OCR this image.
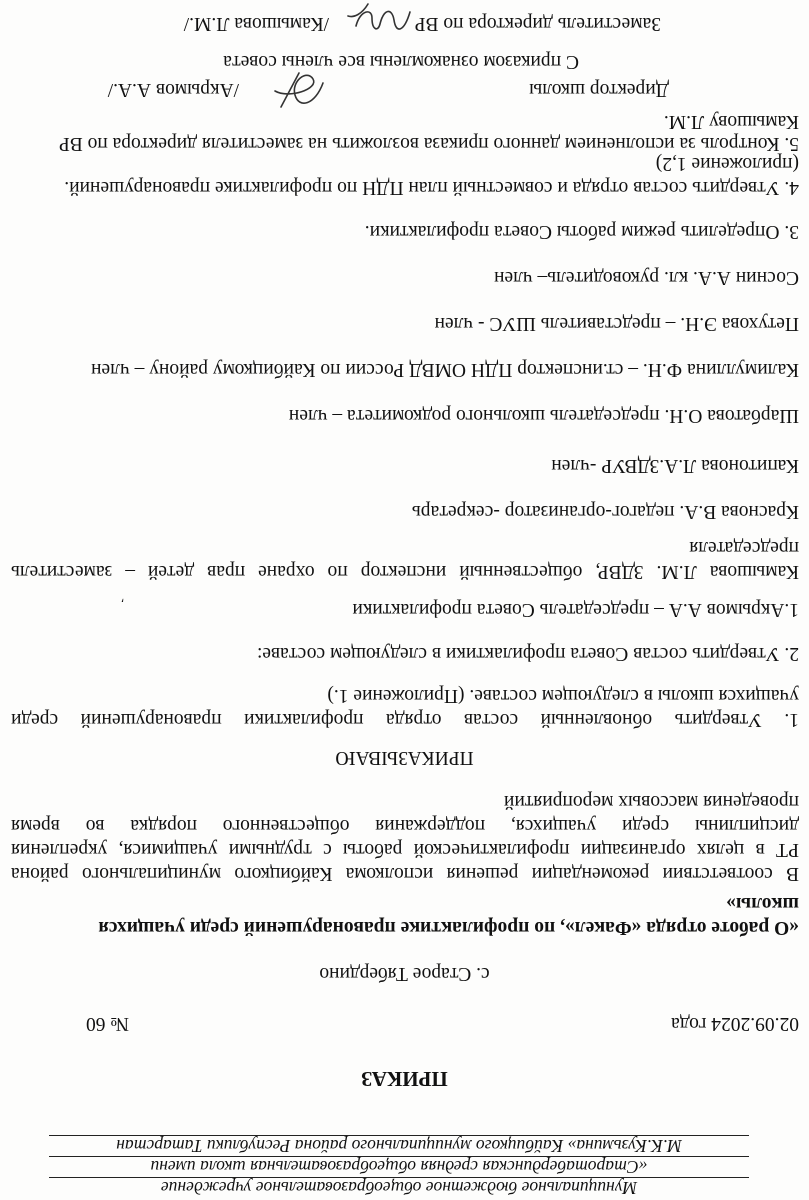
Муниципальное бюджетное общеобразовательное учреждение
«Старотабердинская средняя общеобразовательная школа имени
М.К.Кузьмина» Кайбицкого муниципального района Республики Татарстан
ПРИКАЗ
02.09.2024 года
№ 60
с. Старое Тябердино
«О работе отряда «Факел», по профилактике правонарушений среди учащихся
школы»
В соответствии рекомендации решения исполкома Кайбицкого муниципального района
РТ в целях организации профилактической работы с трудными учащимися, укрепления
дисциплины среди учащихся, поддержания общественного порядка во время
проведения массовых мероприятий
ПРИКАЗЫВАЮ
1. Утвердить обновленный состав отряда профилактики правонарушений среди
учащихся школы в следующем составе. (Приложение 1.)
2. Утвердить состав Совета профилактики в следующем составе:
1.Акрымов А.А – председатель Совета профилактики
′
Камышова Л.М. ЗДВР, общественный инспектор по охране прав детей – заместитель
председателя
Краснова В.А. педагог-организатор -секретарь
Капитонова Л.А.ЗДВУР -член
Шарбатова О.Н. председатель школьного родкомитета – член
Калимуллина Ф.Н. – ст.инспектор ПДН ОМВД России по Кайбицкому району – член
Петухова Э.Н. – представитель ШУС - член
Соснин А.А. кл. руководитель– член
3. Определить режим работы Совета профилактики.
4. Утвердить состав отряда и совместный план ПДН по профилактике правонарушений.
(приложение 1,2)
5. Контроль за исполнением данного приказа возложить на заместителя директора по ВР
Камышову Л.М.
Директор школы
/Акрымов А.А./
С приказом ознакомлены все члены совета
Заместитель директора по ВР
/Камышова Л.М./
